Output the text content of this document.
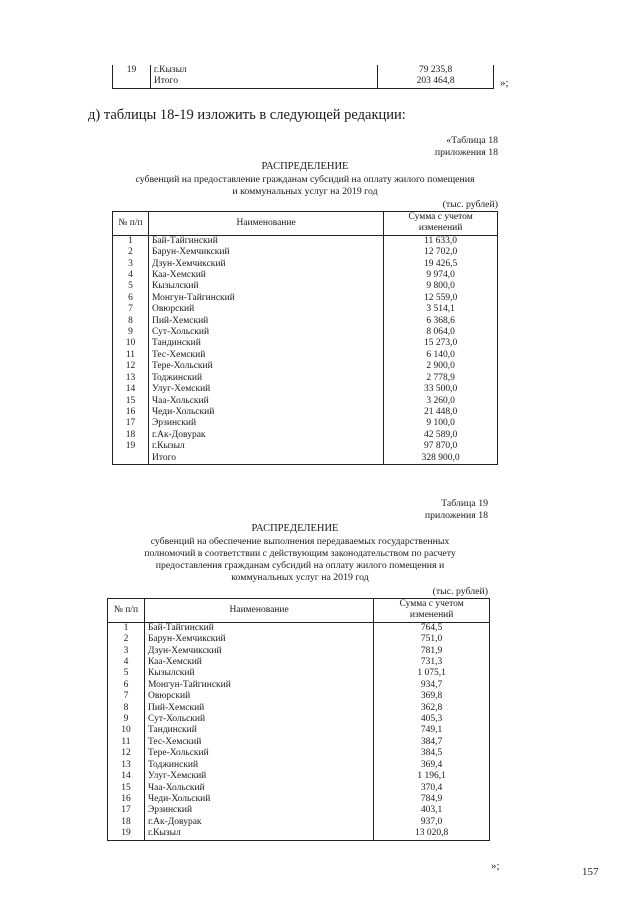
19	г.Кызыл	79 235,8
	Итого	203 464,8	»;
д) таблицы 18-19 изложить в следующей редакции:
«Таблица 18
приложения 18
РАСПРЕДЕЛЕНИЕ
субвенций на предоставление гражданам субсидий на оплату жилого помещения
и коммунальных услуг на 2019 год
(тыс. рублей)
№ п/п	Наименование	Сумма с учетом
изменений

1	Бай-Тайгинский	11 633,0
2	Барун-Хемчикский	12 702,0
3	Дзун-Хемчикский	19 426,5
4	Каа-Хемский	9 974,0
5	Кызылский	9 800,0
6	Монгун-Тайгинский	12 559,0
7	Овюрский	3 514,1
8	Пий-Хемский	6 368,6
9	Сут-Хольский	8 064,0
10	Тандинский	15 273,0
11	Тес-Хемский	6 140,0
12	Тере-Хольский	2 900,0
13	Тоджинский	2 778,9
14	Улуг-Хемский	33 500,0
15	Чаа-Хольский	3 260,0
16	Чеди-Хольский	21 448,0
17	Эрзинский	9 100,0
18	г.Ак-Довурак	42 589,0
19	г.Кызыл	97 870,0
	Итого	328 900,0
Таблица 19
приложения 18
РАСПРЕДЕЛЕНИЕ
субвенций на обеспечение выполнения передаваемых государственных
полномочий в соответствии с действующим законодательством по расчету
предоставления гражданам субсидий на оплату жилого помещения и
коммунальных услуг на 2019 год
(тыс. рублей)
№ п/п	Наименование	Сумма с учетом
изменений

1	Бай-Тайгинский	764,5
2	Барун-Хемчикский	751,0
3	Дзун-Хемчикский	781,9
4	Каа-Хемский	731,3
5	Кызылский	1 075,1
6	Монгун-Тайгинский	934,7
7	Овюрский	369,8
8	Пий-Хемский	362,8
9	Сут-Хольский	405,3
10	Тандинский	749,1
11	Тес-Хемский	384,7
12	Тере-Хольский	384,5
13	Тоджинский	369,4
14	Улуг-Хемский	1 196,1
15	Чаа-Хольский	370,4
16	Чеди-Хольский	784,9
17	Эрзинский	403,1
18	г.Ак-Довурак	937,0
19	г.Кызыл	13 020,8
»;	157
